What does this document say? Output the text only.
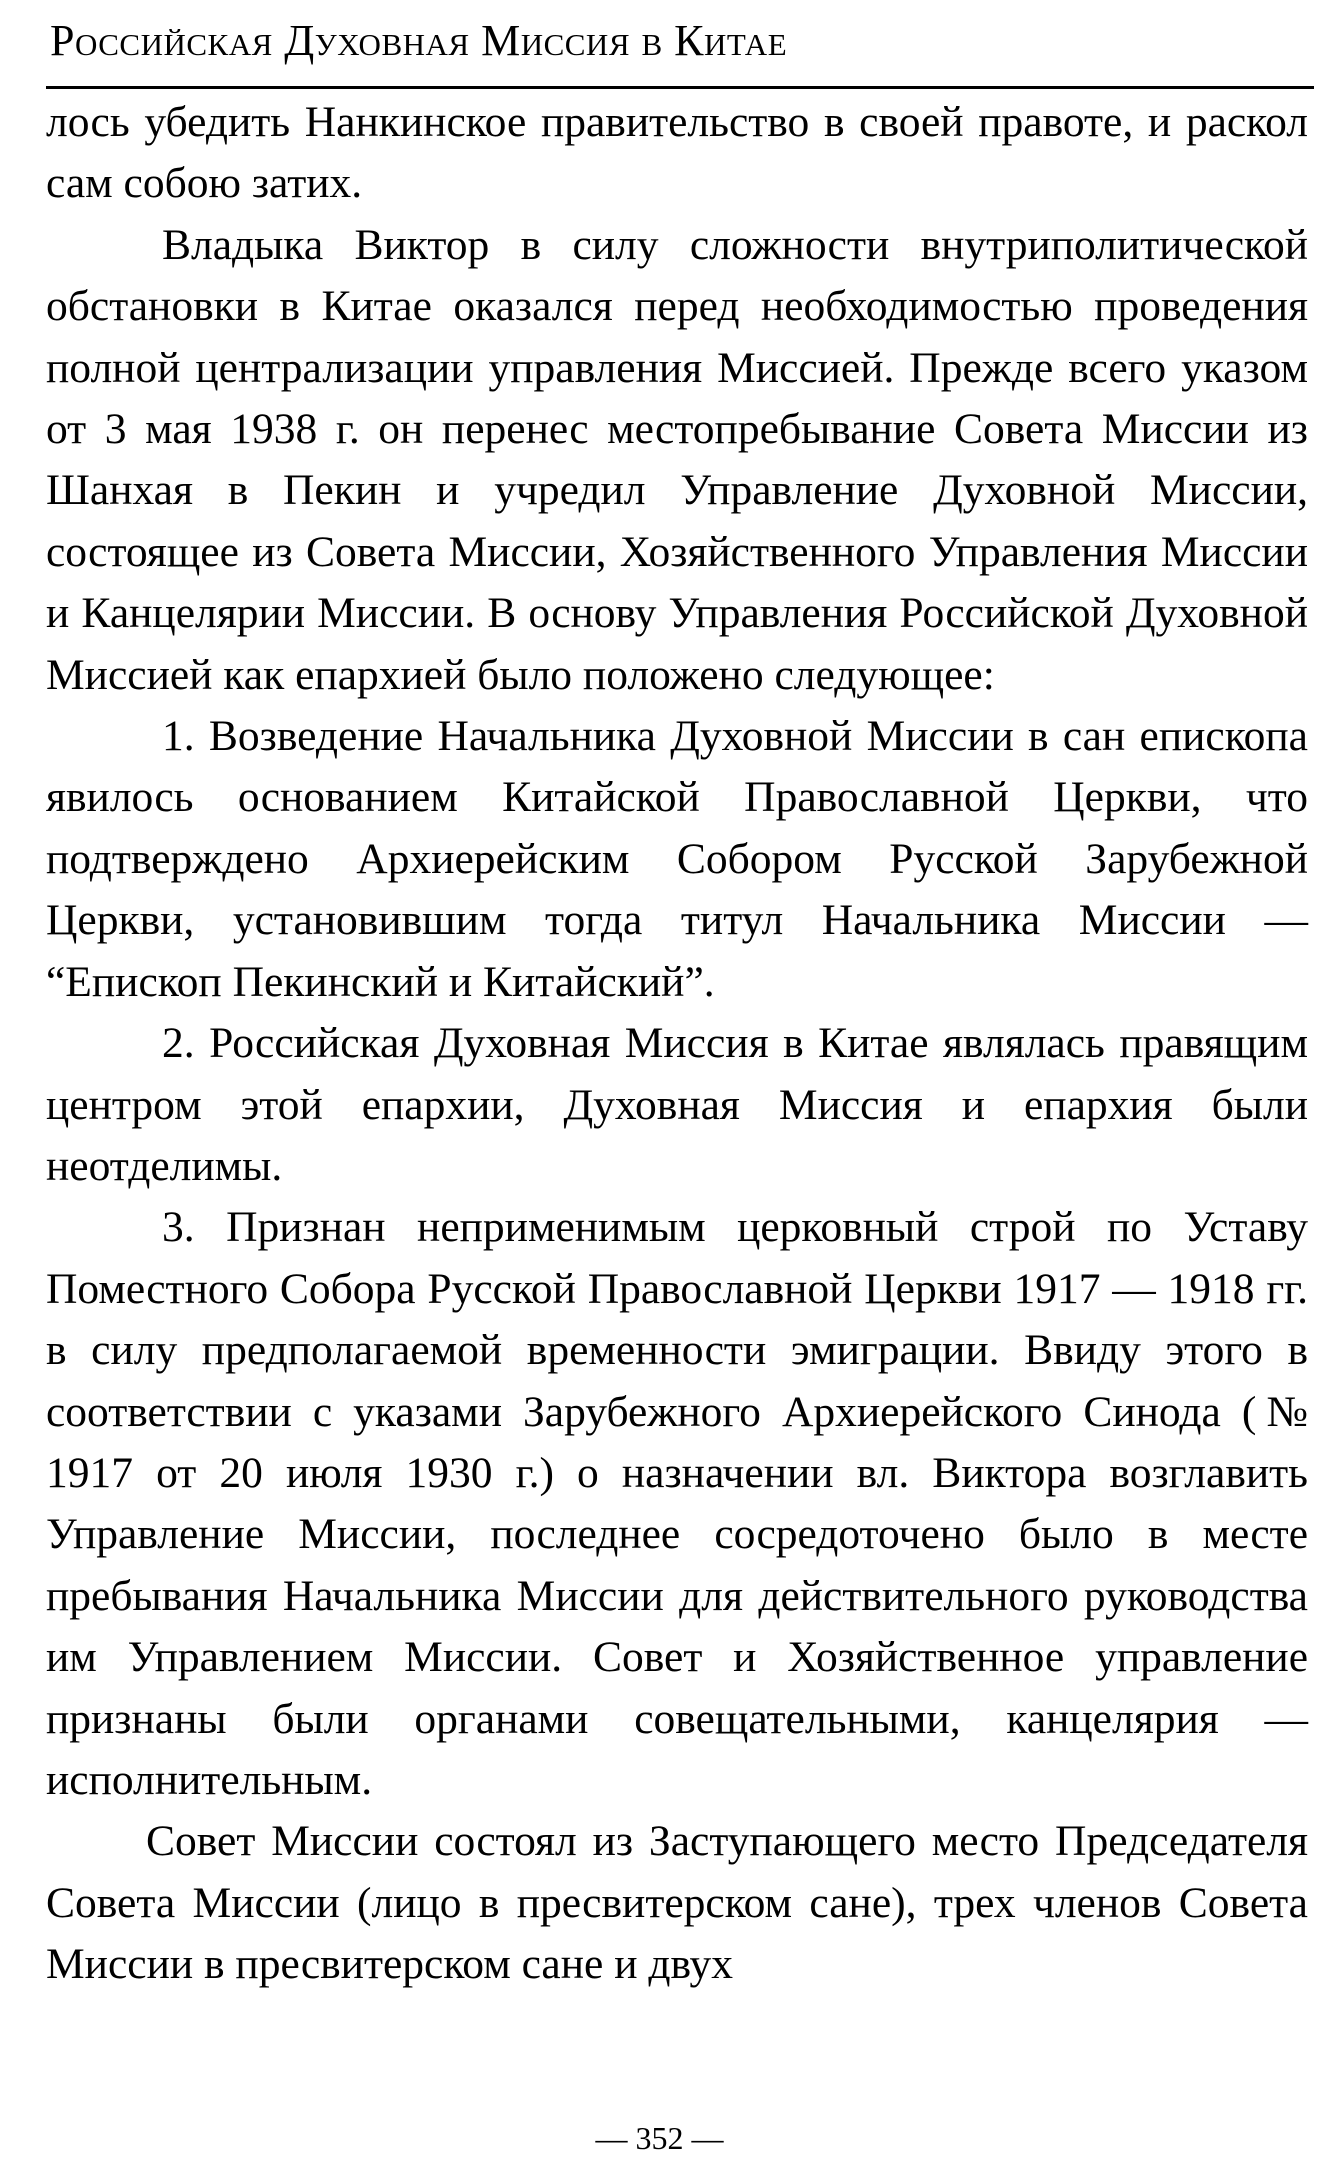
Российская Духовная Миссия в Китае

лось убедить Нанкинское правительство в своей правоте, и раскол сам собою затих.

Владыка Виктор в силу сложности внутриполитической обстановки в Китае оказался перед необходимостью проведения полной централизации управления Миссией. Прежде всего указом от 3 мая 1938 г. он перенес местопребывание Совета Миссии из Шанхая в Пекин и учредил Управление Духовной Миссии, состоящее из Совета Миссии, Хозяйственного Управления Миссии и Канцелярии Миссии. В основу Управления Российской Духовной Миссией как епархией было положено следующее:

1. Возведение Начальника Духовной Миссии в сан епископа явилось основанием Китайской Православной Церкви, что подтверждено Архиерейским Собором Русской Зарубежной Церкви, установившим тогда титул Начальника Миссии — “Епископ Пекинский и Китайский”.

2. Российская Духовная Миссия в Китае являлась правящим центром этой епархии, Духовная Миссия и епархия были неотделимы.

3. Признан неприменимым церковный строй по Уставу Поместного Собора Русской Православной Церкви 1917 — 1918 гг. в силу предполагаемой временности эмиграции. Ввиду этого в соответствии с указами Зарубежного Архиерейского Синода (№ 1917 от 20 июля 1930 г.) о назначении вл. Виктора возглавить Управление Миссии, последнее сосредоточено было в месте пребывания Начальника Миссии для действительного руководства им Управлением Миссии. Совет и Хозяйственное управление признаны были органами совещательными, канцелярия —исполнительным.

Совет Миссии состоял из Заступающего место Председателя Совета Миссии (лицо в пресвитерском сане), трех членов Совета Миссии в пресвитерском сане и двух

— 352 —
